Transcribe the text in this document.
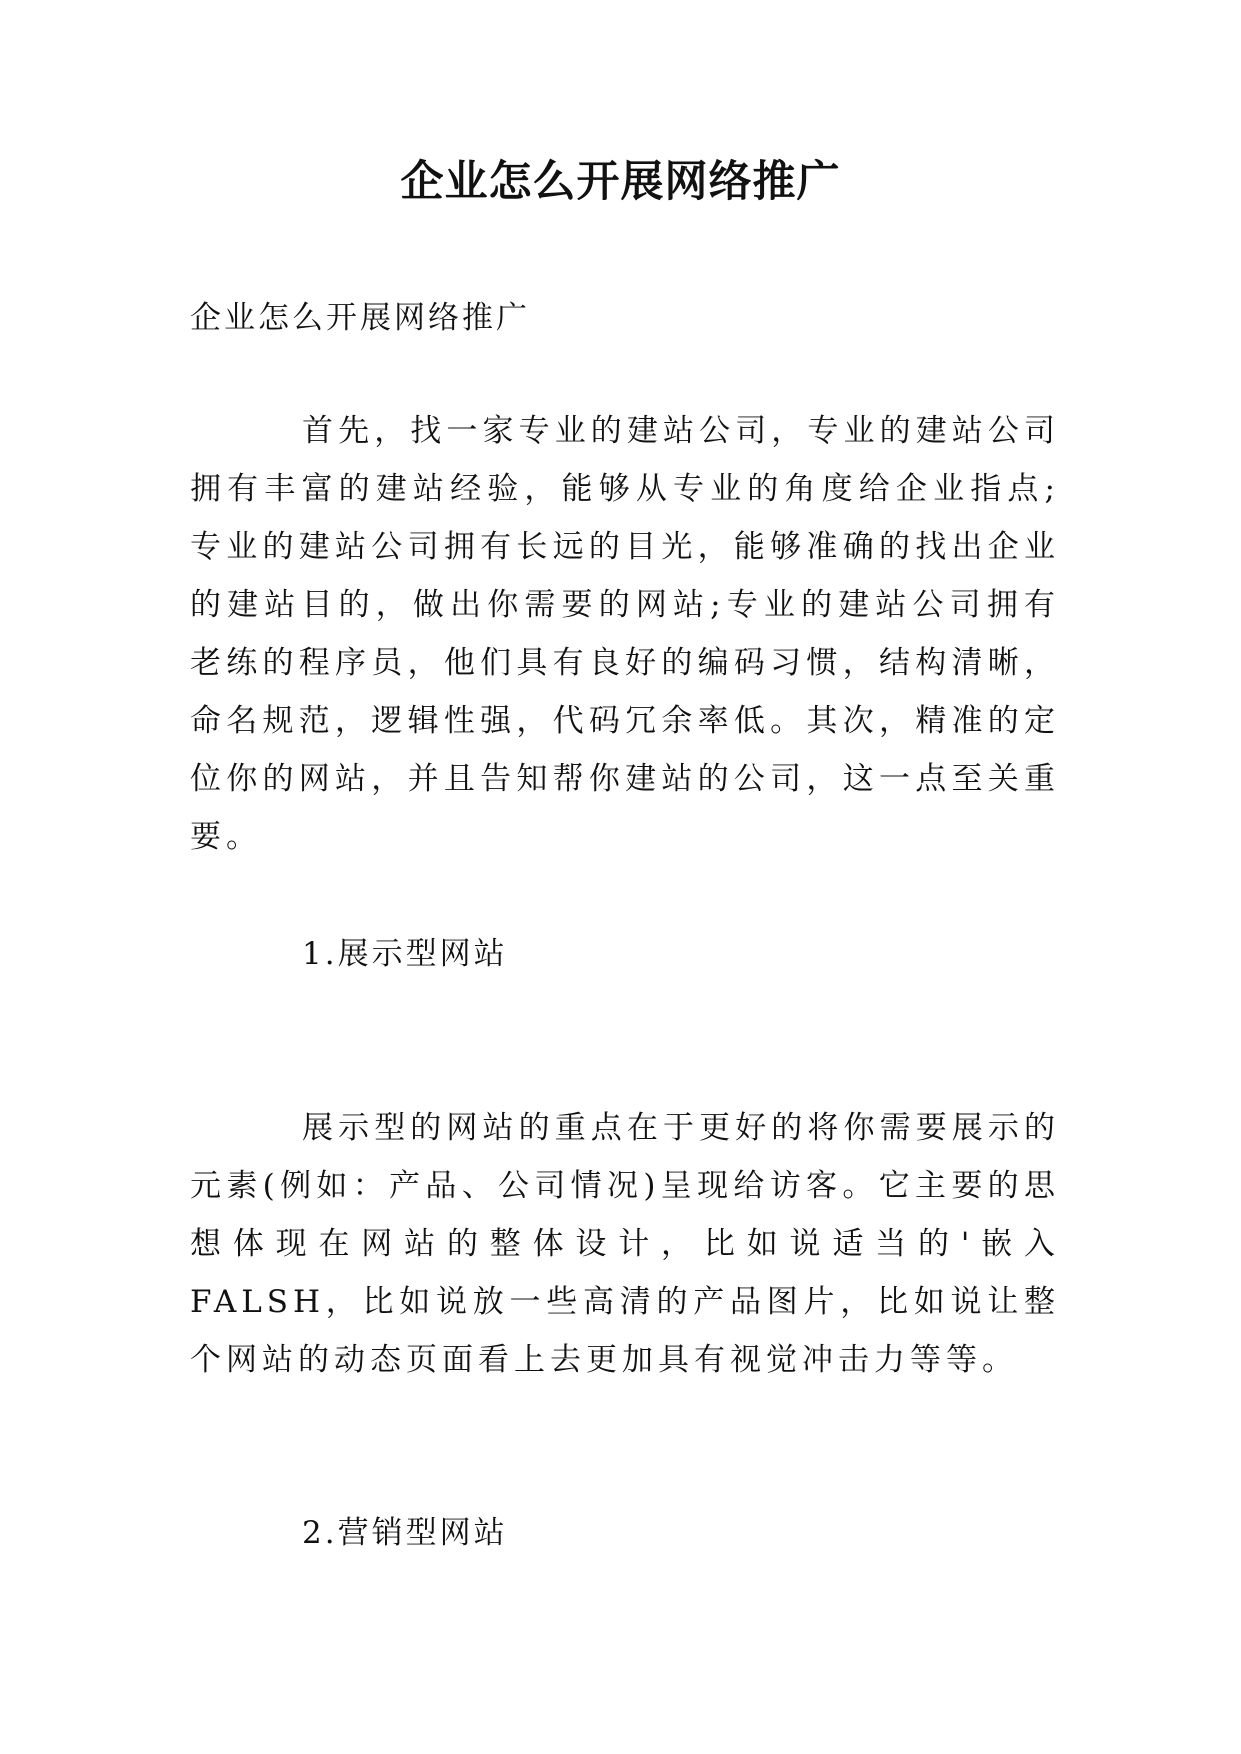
企业怎么开展网络推广

企业怎么开展网络推广

首先，找一家专业的建站公司，专业的建站公司拥有丰富的建站经验，能够从专业的角度给企业指点;专业的建站公司拥有长远的目光，能够准确的找出企业的建站目的，做出你需要的网站;专业的建站公司拥有老练的程序员，他们具有良好的编码习惯，结构清晰，命名规范，逻辑性强，代码冗余率低。其次，精准的定位你的网站，并且告知帮你建站的公司，这一点至关重要。

1.展示型网站

展示型的网站的重点在于更好的将你需要展示的元素(例如：产品、公司情况)呈现给访客。它主要的思想体现在网站的整体设计，比如说适当的'嵌入FALSH，比如说放一些高清的产品图片，比如说让整个网站的动态页面看上去更加具有视觉冲击力等等。

2.营销型网站
